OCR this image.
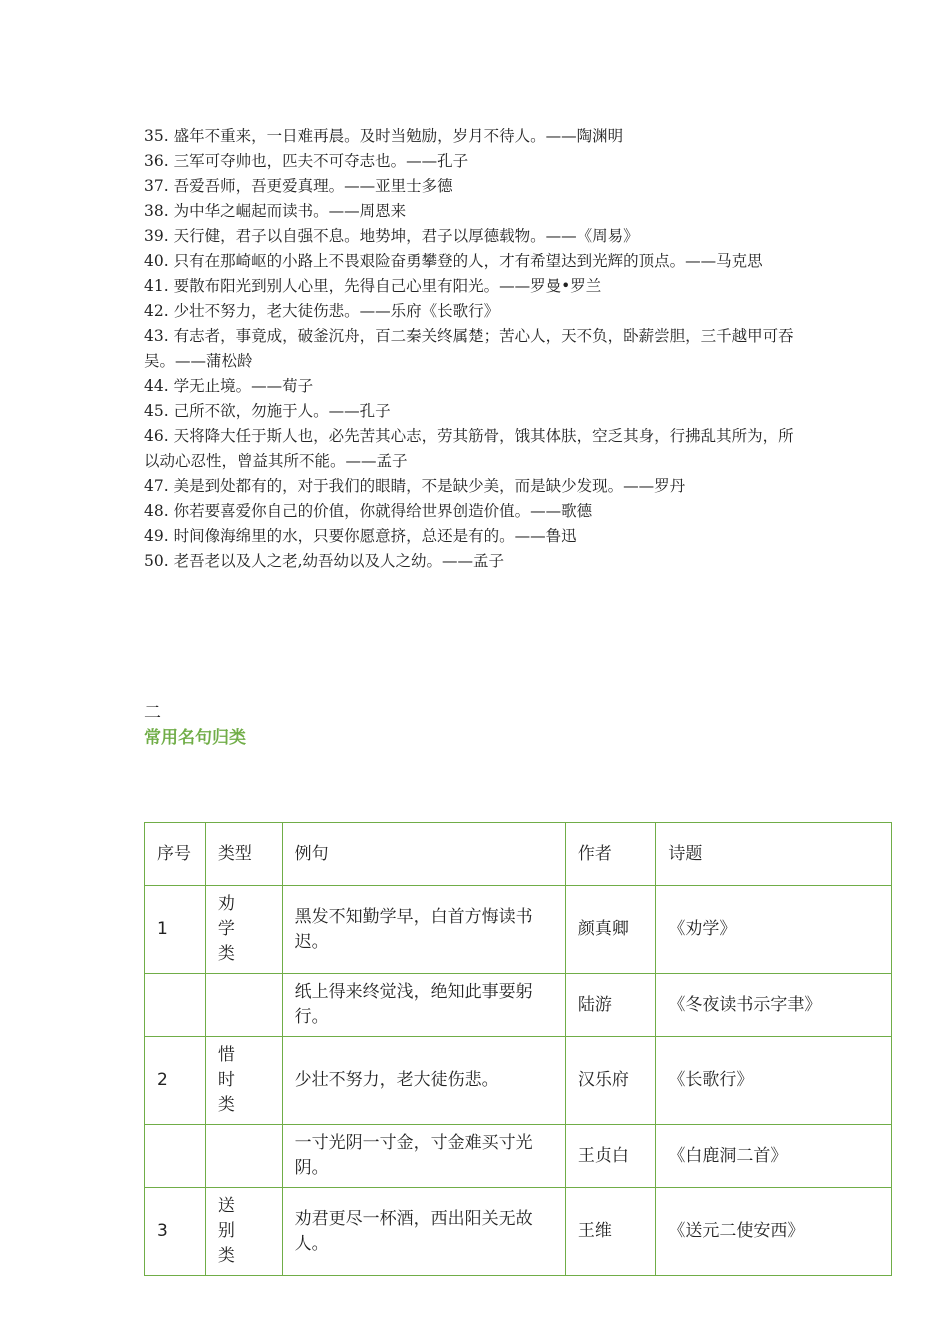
35. 盛年不重来，一日难再晨。及时当勉励，岁月不待人。——陶渊明

36. 三军可夺帅也，匹夫不可夺志也。——孔子

37. 吾爱吾师，吾更爱真理。——亚里士多德

38. 为中华之崛起而读书。——周恩来

39. 天行健，君子以自强不息。地势坤，君子以厚德载物。——《周易》

40. 只有在那崎岖的小路上不畏艰险奋勇攀登的人，才有希望达到光辉的顶点。——马克思

41. 要散布阳光到别人心里，先得自己心里有阳光。——罗曼•罗兰

42. 少壮不努力，老大徒伤悲。——乐府《长歌行》

43. 有志者，事竟成，破釜沉舟，百二秦关终属楚；苦心人，天不负，卧薪尝胆，三千越甲可吞吴。——蒲松龄

44. 学无止境。——荀子

45. 己所不欲，勿施于人。——孔子

46. 天将降大任于斯人也，必先苦其心志，劳其筋骨，饿其体肤，空乏其身，行拂乱其所为，所以动心忍性，曾益其所不能。——孟子

47. 美是到处都有的，对于我们的眼睛，不是缺少美，而是缺少发现。——罗丹

48. 你若要喜爱你自己的价值，你就得给世界创造价值。——歌德

49. 时间像海绵里的水，只要你愿意挤，总还是有的。——鲁迅

50. 老吾老以及人之老,幼吾幼以及人之幼。——孟子

二
常用名句归类
序号	类型	例句	作者	诗题
1	劝学类	黑发不知勤学早，白首方悔读书迟。	颜真卿	《劝学》
		纸上得来终觉浅，绝知此事要躬行。	陆游	《冬夜读书示字聿》
2	惜时类	少壮不努力，老大徒伤悲。	汉乐府	《长歌行》
		一寸光阴一寸金，寸金难买寸光阴。	王贞白	《白鹿洞二首》
3	送别类	劝君更尽一杯酒，西出阳关无故人。	王维	《送元二使安西》
